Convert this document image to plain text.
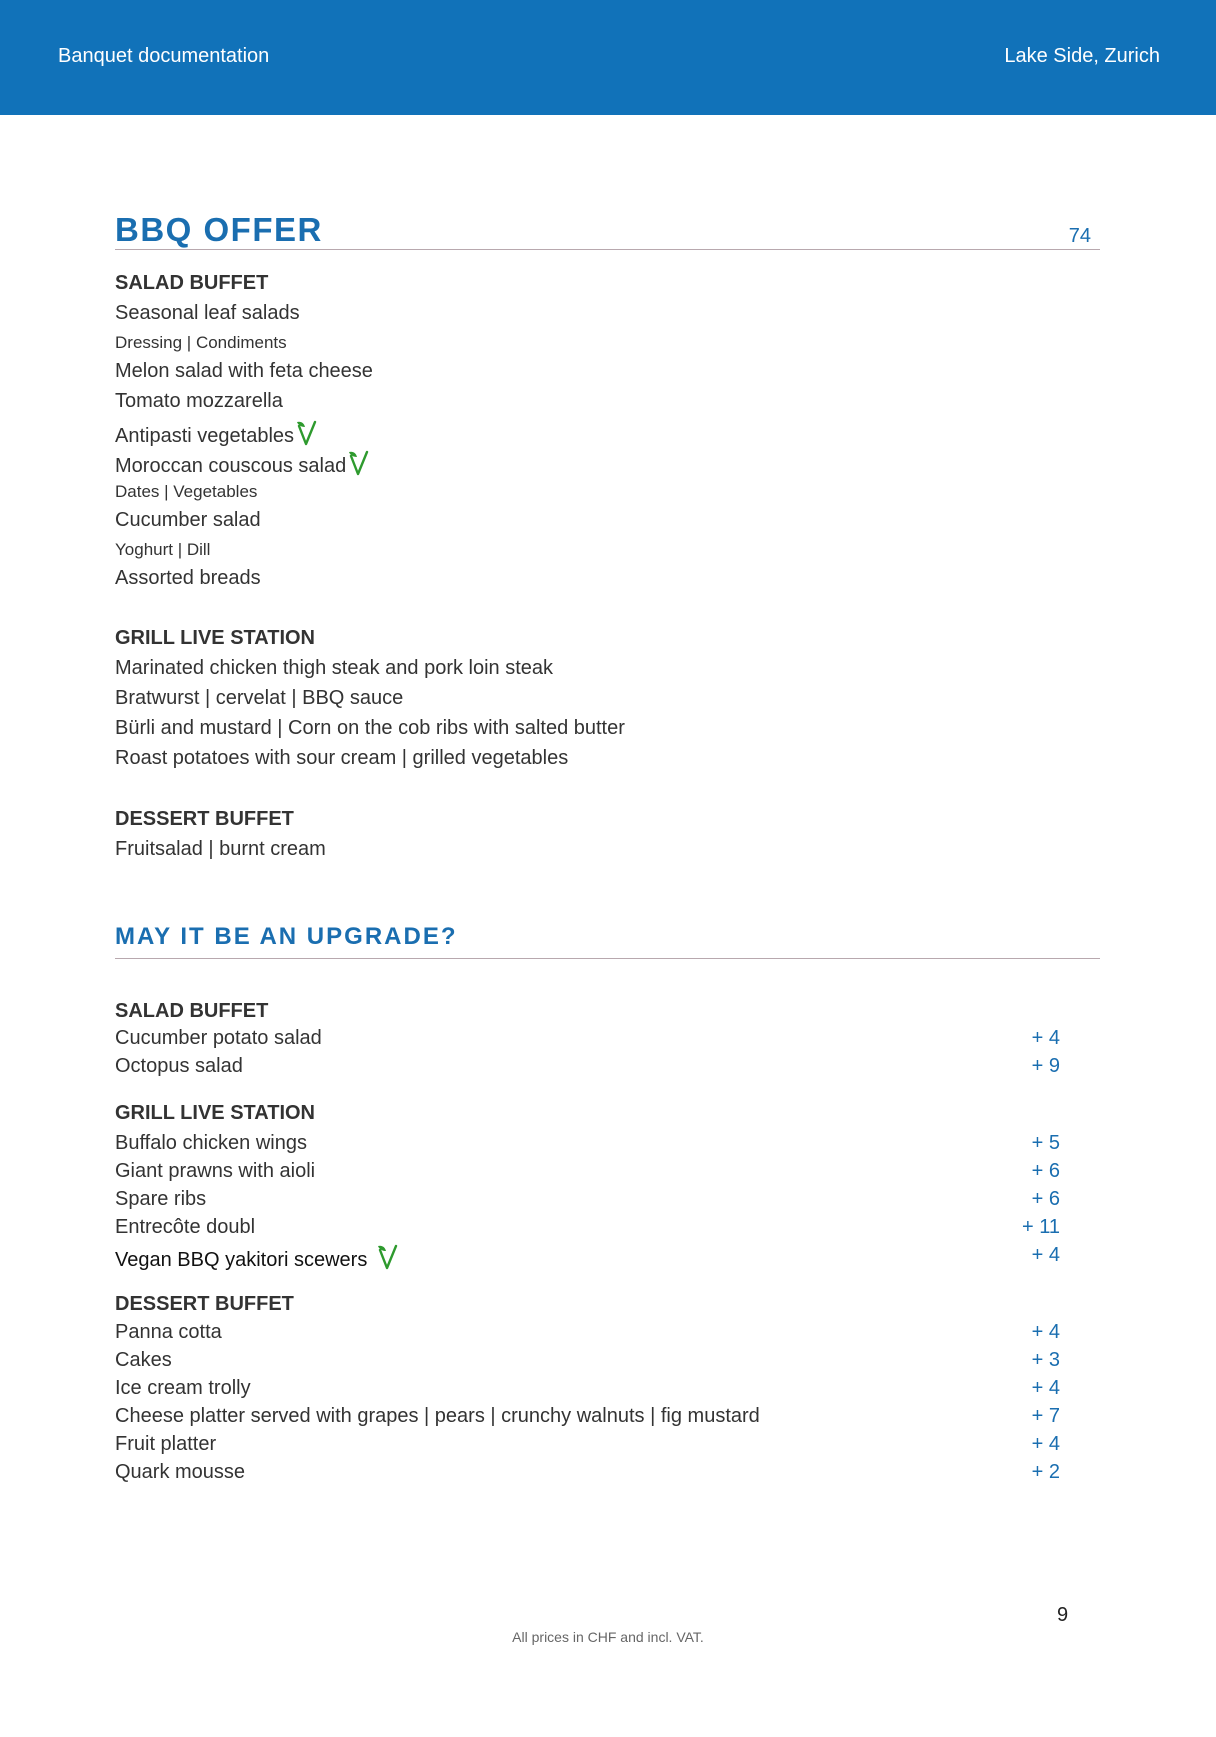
Banquet documentation	Lake Side, Zurich
BBQ OFFER	74
SALAD BUFFET
Seasonal leaf salads
Dressing | Condiments
Melon salad with feta cheese
Tomato mozzarella
Antipasti vegetables
Moroccan couscous salad
Dates | Vegetables
Cucumber salad
Yoghurt | Dill
Assorted breads
GRILL LIVE STATION
Marinated chicken thigh steak and pork loin steak
Bratwurst | cervelat | BBQ sauce
Bürli and mustard | Corn on the cob ribs with salted butter
Roast potatoes with sour cream | grilled vegetables
DESSERT BUFFET
Fruitsalad | burnt cream
MAY IT BE AN UPGRADE?
SALAD BUFFET
Cucumber potato salad	+ 4
Octopus salad	+ 9
GRILL LIVE STATION
Buffalo chicken wings	+ 5
Giant prawns with aioli	+ 6
Spare ribs	+ 6
Entrecôte doubl	+ 11
Vegan BBQ yakitori scewers	+ 4
DESSERT BUFFET
Panna cotta	+ 4
Cakes	+ 3
Ice cream trolly	+ 4
Cheese platter served with grapes | pears | crunchy walnuts | fig mustard	+ 7
Fruit platter	+ 4
Quark mousse	+ 2
9
All prices in CHF and incl. VAT.
